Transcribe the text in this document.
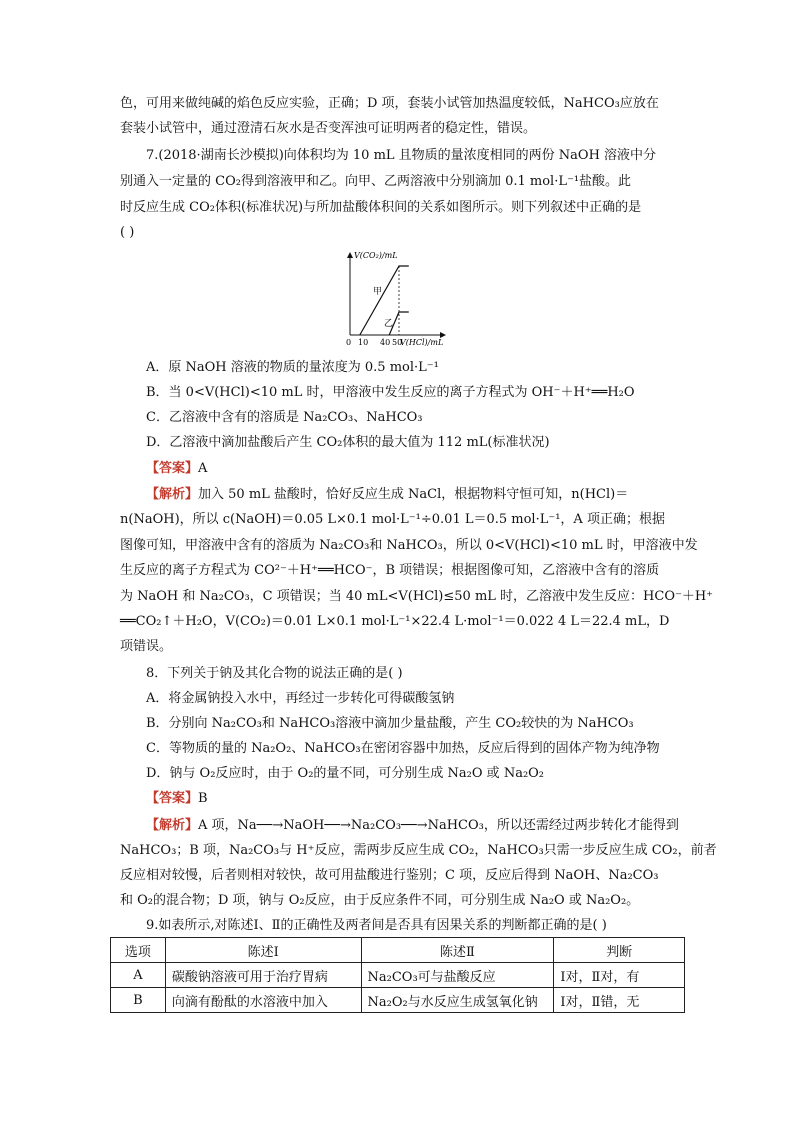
色，可用来做纯碱的焰色反应实验，正确；D 项，套装小试管加热温度较低，NaHCO₃应放在
套装小试管中，通过澄清石灰水是否变浑浊可证明两者的稳定性，错误。
7.(2018·湖南长沙模拟)向体积均为 10 mL 且物质的量浓度相同的两份 NaOH 溶液中分
别通入一定量的 CO₂得到溶液甲和乙。向甲、乙两溶液中分别滴加 0.1 mol·L⁻¹盐酸。此
时反应生成 CO₂体积(标准状况)与所加盐酸体积间的关系如图所示。则下列叙述中正确的是
( )
V(CO₂)/mL
V(HCl)/mL
0 10 40 50
甲
乙
A．原 NaOH 溶液的物质的量浓度为 0.5 mol·L⁻¹
B．当 0<V(HCl)<10 mL 时，甲溶液中发生反应的离子方程式为 OH⁻＋H⁺══H₂O
C．乙溶液中含有的溶质是 Na₂CO₃、NaHCO₃
D．乙溶液中滴加盐酸后产生 CO₂体积的最大值为 112 mL(标准状况)
【答案】A
【解析】加入 50 mL 盐酸时，恰好反应生成 NaCl，根据物料守恒可知，n(HCl)＝
n(NaOH)，所以 c(NaOH)＝0.05 L×0.1 mol·L⁻¹÷0.01 L＝0.5 mol·L⁻¹，A 项正确；根据
图像可知，甲溶液中含有的溶质为 Na₂CO₃和 NaHCO₃，所以 0<V(HCl)<10 mL 时，甲溶液中发
生反应的离子方程式为 CO²⁻＋H⁺══HCO⁻，B 项错误；根据图像可知，乙溶液中含有的溶质
为 NaOH 和 Na₂CO₃，C 项错误；当 40 mL<V(HCl)≤50 mL 时，乙溶液中发生反应：HCO⁻＋H⁺
══CO₂↑＋H₂O，V(CO₂)＝0.01 L×0.1 mol·L⁻¹×22.4 L·mol⁻¹＝0.022 4 L＝22.4 mL，D
项错误。
8．下列关于钠及其化合物的说法正确的是( )
A．将金属钠投入水中，再经过一步转化可得碳酸氢钠
B．分别向 Na₂CO₃和 NaHCO₃溶液中滴加少量盐酸，产生 CO₂较快的为 NaHCO₃
C．等物质的量的 Na₂O₂、NaHCO₃在密闭容器中加热，反应后得到的固体产物为纯净物
D．钠与 O₂反应时，由于 O₂的量不同，可分别生成 Na₂O 或 Na₂O₂
【答案】B
【解析】A 项，Na──→NaOH──→Na₂CO₃──→NaHCO₃，所以还需经过两步转化才能得到
NaHCO₃；B 项，Na₂CO₃与 H⁺反应，需两步反应生成 CO₂，NaHCO₃只需一步反应生成 CO₂，前者
反应相对较慢，后者则相对较快，故可用盐酸进行鉴别；C 项，反应后得到 NaOH、Na₂CO₃
和 O₂的混合物；D 项，钠与 O₂反应，由于反应条件不同，可分别生成 Na₂O 或 Na₂O₂。
9.如表所示,对陈述Ⅰ、Ⅱ的正确性及两者间是否具有因果关系的判断都正确的是( )
选项	陈述Ⅰ	陈述Ⅱ	判断
A	碳酸钠溶液可用于治疗胃病	Na₂CO₃可与盐酸反应	Ⅰ对，Ⅱ对，有
B	向滴有酚酞的水溶液中加入	Na₂O₂与水反应生成氢氧化钠	Ⅰ对，Ⅱ错，无
